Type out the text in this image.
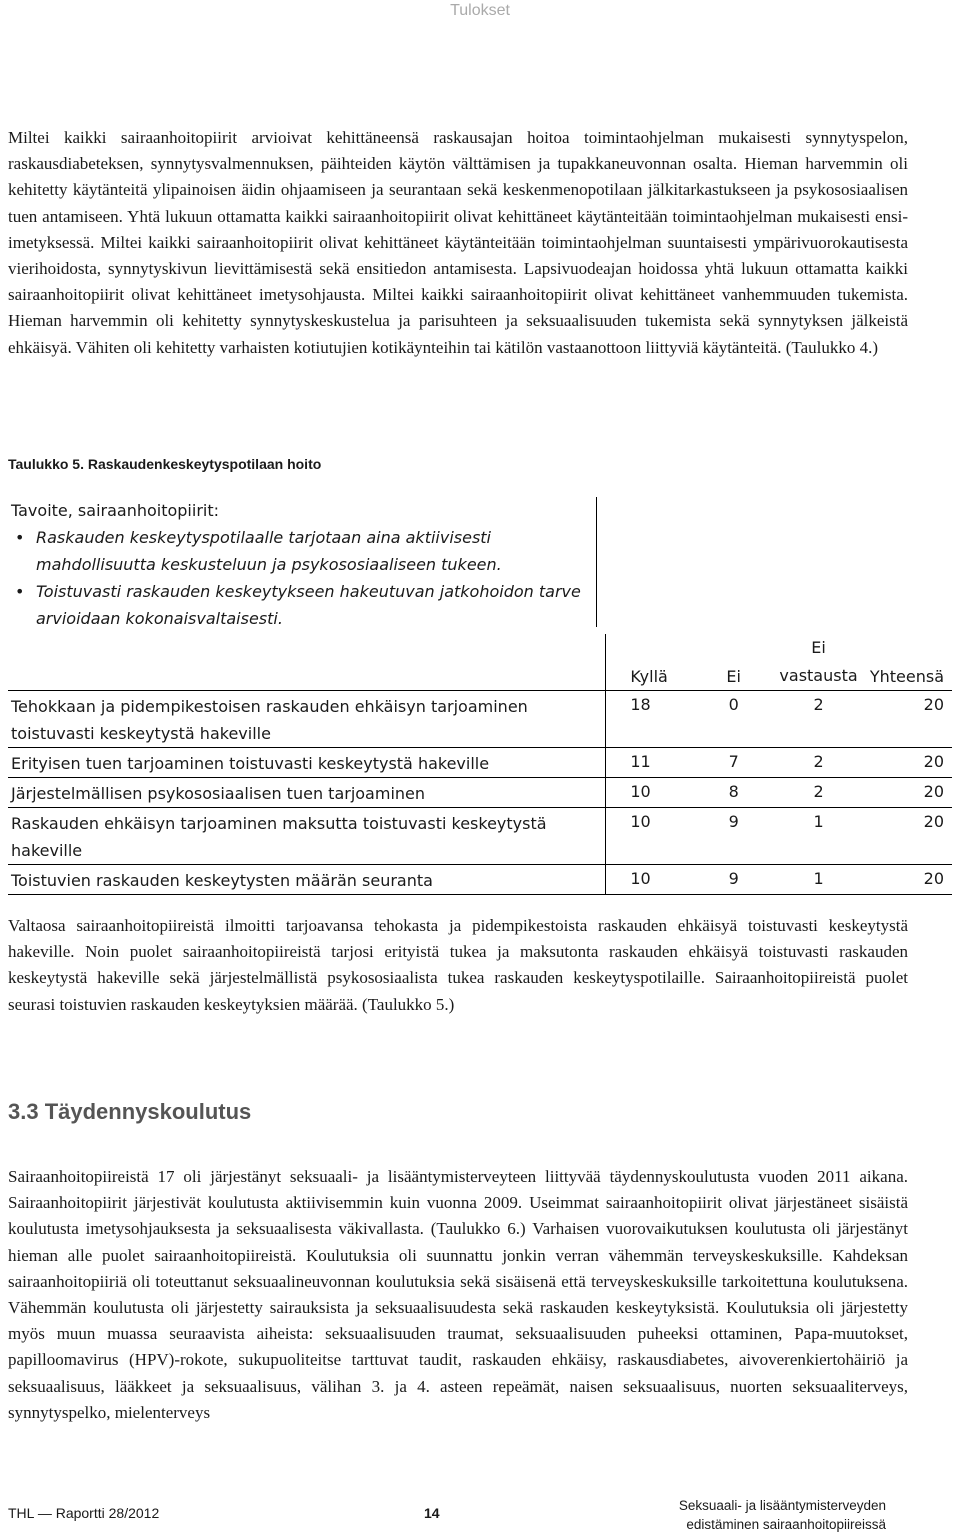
Tulokset

Miltei kaikki sairaanhoitopiirit arvioivat kehittäneensä raskausajan hoitoa toimintaohjelman mukaisesti synnytyspelon, raskausdiabeteksen, synnytysvalmennuksen, päihteiden käytön välttämisen ja tupakkaneuvonnan osalta. Hieman harvemmin oli kehitetty käytänteitä ylipainoisen äidin ohjaamiseen ja seurantaan sekä keskenmenopotilaan jälkitarkastukseen ja psykososiaalisen tuen antamiseen. Yhtä lukuun ottamatta kaikki sairaanhoitopiirit olivat kehittäneet käytänteitään toimintaohjelman mukaisesti ensi-imetyksessä. Miltei kaikki sairaanhoitopiirit olivat kehittäneet käytänteitään toimintaohjelman suuntaisesti ympärivuorokautisesta vierihoidosta, synnytyskivun lievittämisestä sekä ensitiedon antamisesta. Lapsivuodeajan hoidossa yhtä lukuun ottamatta kaikki sairaanhoitopiirit olivat kehittäneet imetysohjausta. Miltei kaikki sairaanhoitopiirit olivat kehittäneet vanhemmuuden tukemista. Hieman harvemmin oli kehitetty synnytyskeskustelua ja parisuhteen ja seksuaalisuuden tukemista sekä synnytyksen jälkeistä ehkäisyä. Vähiten oli kehitetty varhaisten kotiutujien kotikäynteihin tai kätilön vastaanottoon liittyviä käytänteitä. (Taulukko 4.)

Taulukko 5. Raskaudenkeskeytyspotilaan hoito
Tavoite, sairaanhoitopiirit:
• Raskauden keskeytyspotilaalle tarjotaan aina aktiivisesti mahdollisuutta keskusteluun ja psykososiaaliseen tukeen.
• Toistuvasti raskauden keskeytykseen hakeutuvan jatkohoidon tarve arvioidaan kokonaisvaltaisesti.
	Kyllä	Ei	Ei vastausta	Yhteensä
Tehokkaan ja pidempikestoisen raskauden ehkäisyn tarjoaminen toistuvasti keskeytystä hakeville	18	0	2	20
Erityisen tuen tarjoaminen toistuvasti keskeytystä hakeville	11	7	2	20
Järjestelmällisen psykososiaalisen tuen tarjoaminen	10	8	2	20
Raskauden ehkäisyn tarjoaminen maksutta toistuvasti keskeytystä hakeville	10	9	1	20
Toistuvien raskauden keskeytysten määrän seuranta	10	9	1	20

Valtaosa sairaanhoitopiireistä ilmoitti tarjoavansa tehokasta ja pidempikestoista raskauden ehkäisyä toistuvasti keskeytystä hakeville. Noin puolet sairaanhoitopiireistä tarjosi erityistä tukea ja maksutonta raskauden ehkäisyä toistuvasti raskauden keskeytystä hakeville sekä järjestelmällistä psykososiaalista tukea raskauden keskeytyspotilaille. Sairaanhoitopiireistä puolet seurasi toistuvien raskauden keskeytyksien määrää. (Taulukko 5.)

3.3 Täydennyskoulutus

Sairaanhoitopiireistä 17 oli järjestänyt seksuaali- ja lisääntymisterveyteen liittyvää täydennyskoulutusta vuoden 2011 aikana. Sairaanhoitopiirit järjestivät koulutusta aktiivisemmin kuin vuonna 2009. Useimmat sairaanhoitopiirit olivat järjestäneet sisäistä koulutusta imetysohjauksesta ja seksuaalisesta väkivallasta. (Taulukko 6.) Varhaisen vuorovaikutuksen koulutusta oli järjestänyt hieman alle puolet sairaanhoitopiireistä. Koulutuksia oli suunnattu jonkin verran vähemmän terveyskeskuksille. Kahdeksan sairaanhoitopiiriä oli toteuttanut seksuaalineuvonnan koulutuksia sekä sisäisenä että terveyskeskuksille tarkoitettuna koulutuksena. Vähemmän koulutusta oli järjestetty sairauksista ja seksuaalisuudesta sekä raskauden keskeytyksistä. Koulutuksia oli järjestetty myös muun muassa seuraavista aiheista: seksuaalisuuden traumat, seksuaalisuuden puheeksi ottaminen, Papa-muutokset, papilloomavirus (HPV)-rokote, sukupuoliteitse tarttuvat taudit, raskauden ehkäisy, raskausdiabetes, aivoverenkiertohäiriö ja seksuaalisuus, lääkkeet ja seksuaalisuus, välihan 3. ja 4. asteen repeämät, naisen seksuaalisuus, nuorten seksuaaliterveys, synnytyspelko, mielenterveys

THL — Raportti 28/2012	14	Seksuaali- ja lisääntymisterveyden
edistäminen sairaanhoitopiireissä
